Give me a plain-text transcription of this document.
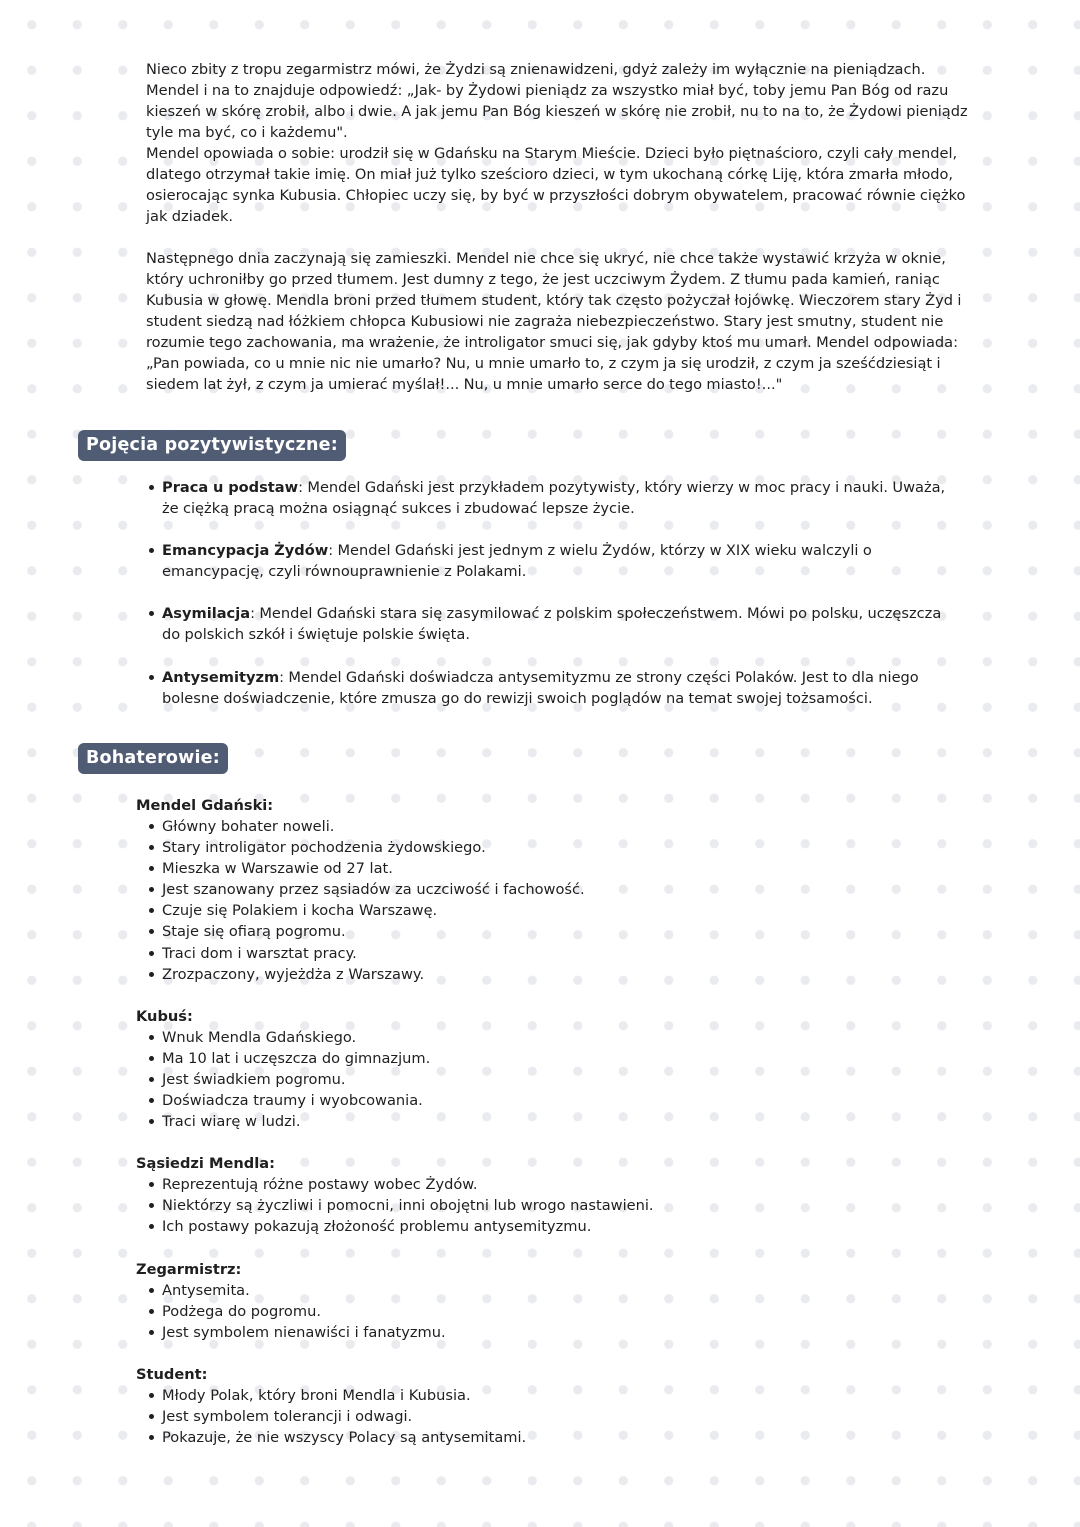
Nieco zbity z tropu zegarmistrz mówi, że Żydzi są znienawidzeni, gdyż zależy im wyłącznie na pieniądzach. Mendel i na to znajduje odpowiedź: „Jak- by Żydowi pieniądz za wszystko miał być, toby jemu Pan Bóg od razu kieszeń w skórę zrobił, albo i dwie. A jak jemu Pan Bóg kieszeń w skórę nie zrobił, nu to na to, że Żydowi pieniądz tyle ma być, co i każdemu".

Mendel opowiada o sobie: urodził się w Gdańsku na Starym Mieście. Dzieci było piętnaścioro, czyli cały mendel, dlatego otrzymał takie imię. On miał już tylko sześcioro dzieci, w tym ukochaną córkę Liję, która zmarła młodo, osierocając synka Kubusia. Chłopiec uczy się, by być w przyszłości dobrym obywatelem, pracować równie ciężko jak dziadek.

Następnego dnia zaczynają się zamieszki. Mendel nie chce się ukryć, nie chce także wystawić krzyża w oknie, który uchroniłby go przed tłumem. Jest dumny z tego, że jest uczciwym Żydem. Z tłumu pada kamień, raniąc Kubusia w głowę. Mendla broni przed tłumem student, który tak często pożyczał łojówkę. Wieczorem stary Żyd i student siedzą nad łóżkiem chłopca Kubusiowi nie zagraża niebezpieczeństwo. Stary jest smutny, student nie rozumie tego zachowania, ma wrażenie, że introligator smuci się, jak gdyby ktoś mu umarł. Mendel odpowiada: „Pan powiada, co u mnie nic nie umarło? Nu, u mnie umarło to, z czym ja się urodził, z czym ja sześćdziesiąt i siedem lat żył, z czym ja umierać myślał!... Nu, u mnie umarło serce do tego miasto!..."

Pojęcia pozytywistyczne:

Praca u podstaw: Mendel Gdański jest przykładem pozytywisty, który wierzy w moc pracy i nauki. Uważa, że ciężką pracą można osiągnąć sukces i zbudować lepsze życie.

Emancypacja Żydów: Mendel Gdański jest jednym z wielu Żydów, którzy w XIX wieku walczyli o emancypację, czyli równouprawnienie z Polakami.

Asymilacja: Mendel Gdański stara się zasymilować z polskim społeczeństwem. Mówi po polsku, uczęszcza do polskich szkół i świętuje polskie święta.

Antysemityzm: Mendel Gdański doświadcza antysemityzmu ze strony części Polaków. Jest to dla niego bolesne doświadczenie, które zmusza go do rewizji swoich poglądów na temat swojej tożsamości.

Bohaterowie:

Mendel Gdański:

Główny bohater noweli.
Stary introligator pochodzenia żydowskiego.
Mieszka w Warszawie od 27 lat.
Jest szanowany przez sąsiadów za uczciwość i fachowość.
Czuje się Polakiem i kocha Warszawę.
Staje się ofiarą pogromu.
Traci dom i warsztat pracy.
Zrozpaczony, wyjeżdża z Warszawy.

Kubuś:

Wnuk Mendla Gdańskiego.
Ma 10 lat i uczęszcza do gimnazjum.
Jest świadkiem pogromu.
Doświadcza traumy i wyobcowania.
Traci wiarę w ludzi.

Sąsiedzi Mendla:

Reprezentują różne postawy wobec Żydów.
Niektórzy są życzliwi i pomocni, inni obojętni lub wrogo nastawieni.
Ich postawy pokazują złożoność problemu antysemityzmu.

Zegarmistrz:

Antysemita.
Podżega do pogromu.
Jest symbolem nienawiści i fanatyzmu.

Student:

Młody Polak, który broni Mendla i Kubusia.
Jest symbolem tolerancji i odwagi.
Pokazuje, że nie wszyscy Polacy są antysemitami.
